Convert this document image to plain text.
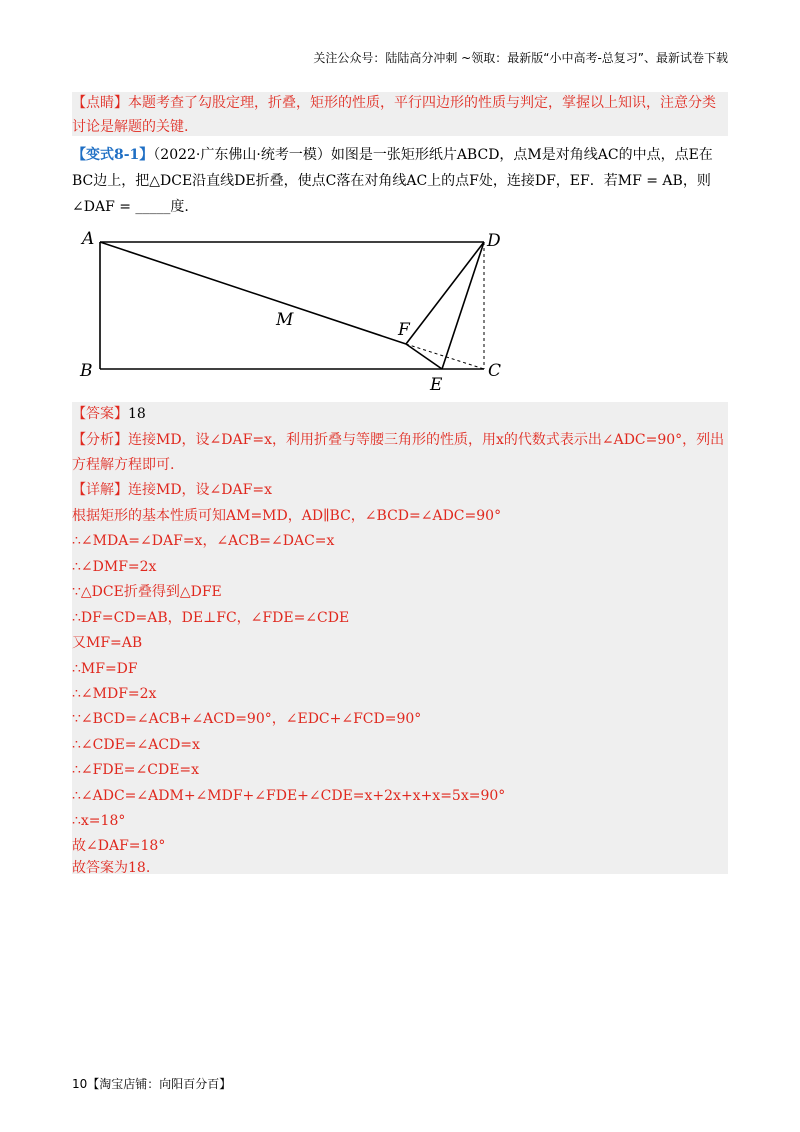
关注公众号：陆陆高分冲刺 ~领取：最新版“小中高考-总复习”、最新试卷下载
【点睛】本题考查了勾股定理，折叠，矩形的性质，平行四边形的性质与判定，掌握以上知识，注意分类
讨论是解题的关键.
【变式8-1】（2022·广东佛山·统考一模）如图是一张矩形纸片ABCD，点M是对角线AC的中点，点E在
BC边上，把△DCE沿直线DE折叠，使点C落在对角线AC上的点F处，连接DF，EF．若MF = AB，则
∠DAF = _____度.
A
B	C
D
E
F
M
【答案】18
【分析】连接MD，设∠DAF=x，利用折叠与等腰三角形的性质，用x的代数式表示出∠ADC=90°，列出
方程解方程即可.
【详解】连接MD，设∠DAF=x
根据矩形的基本性质可知AM=MD，AD∥BC，∠BCD=∠ADC=90°
∴∠MDA=∠DAF=x，∠ACB=∠DAC=x
∴∠DMF=2x
∵△DCE折叠得到△DFE
∴DF=CD=AB，DE⊥FC，∠FDE=∠CDE
又MF=AB
∴MF=DF
∴∠MDF=2x
∵∠BCD=∠ACB+∠ACD=90°，∠EDC+∠FCD=90°
∴∠CDE=∠ACD=x
∴∠FDE=∠CDE=x
∴∠ADC=∠ADM+∠MDF+∠FDE+∠CDE=x+2x+x+x=5x=90°
∴x=18°
故∠DAF=18°
故答案为18.
10【淘宝店铺：向阳百分百】
